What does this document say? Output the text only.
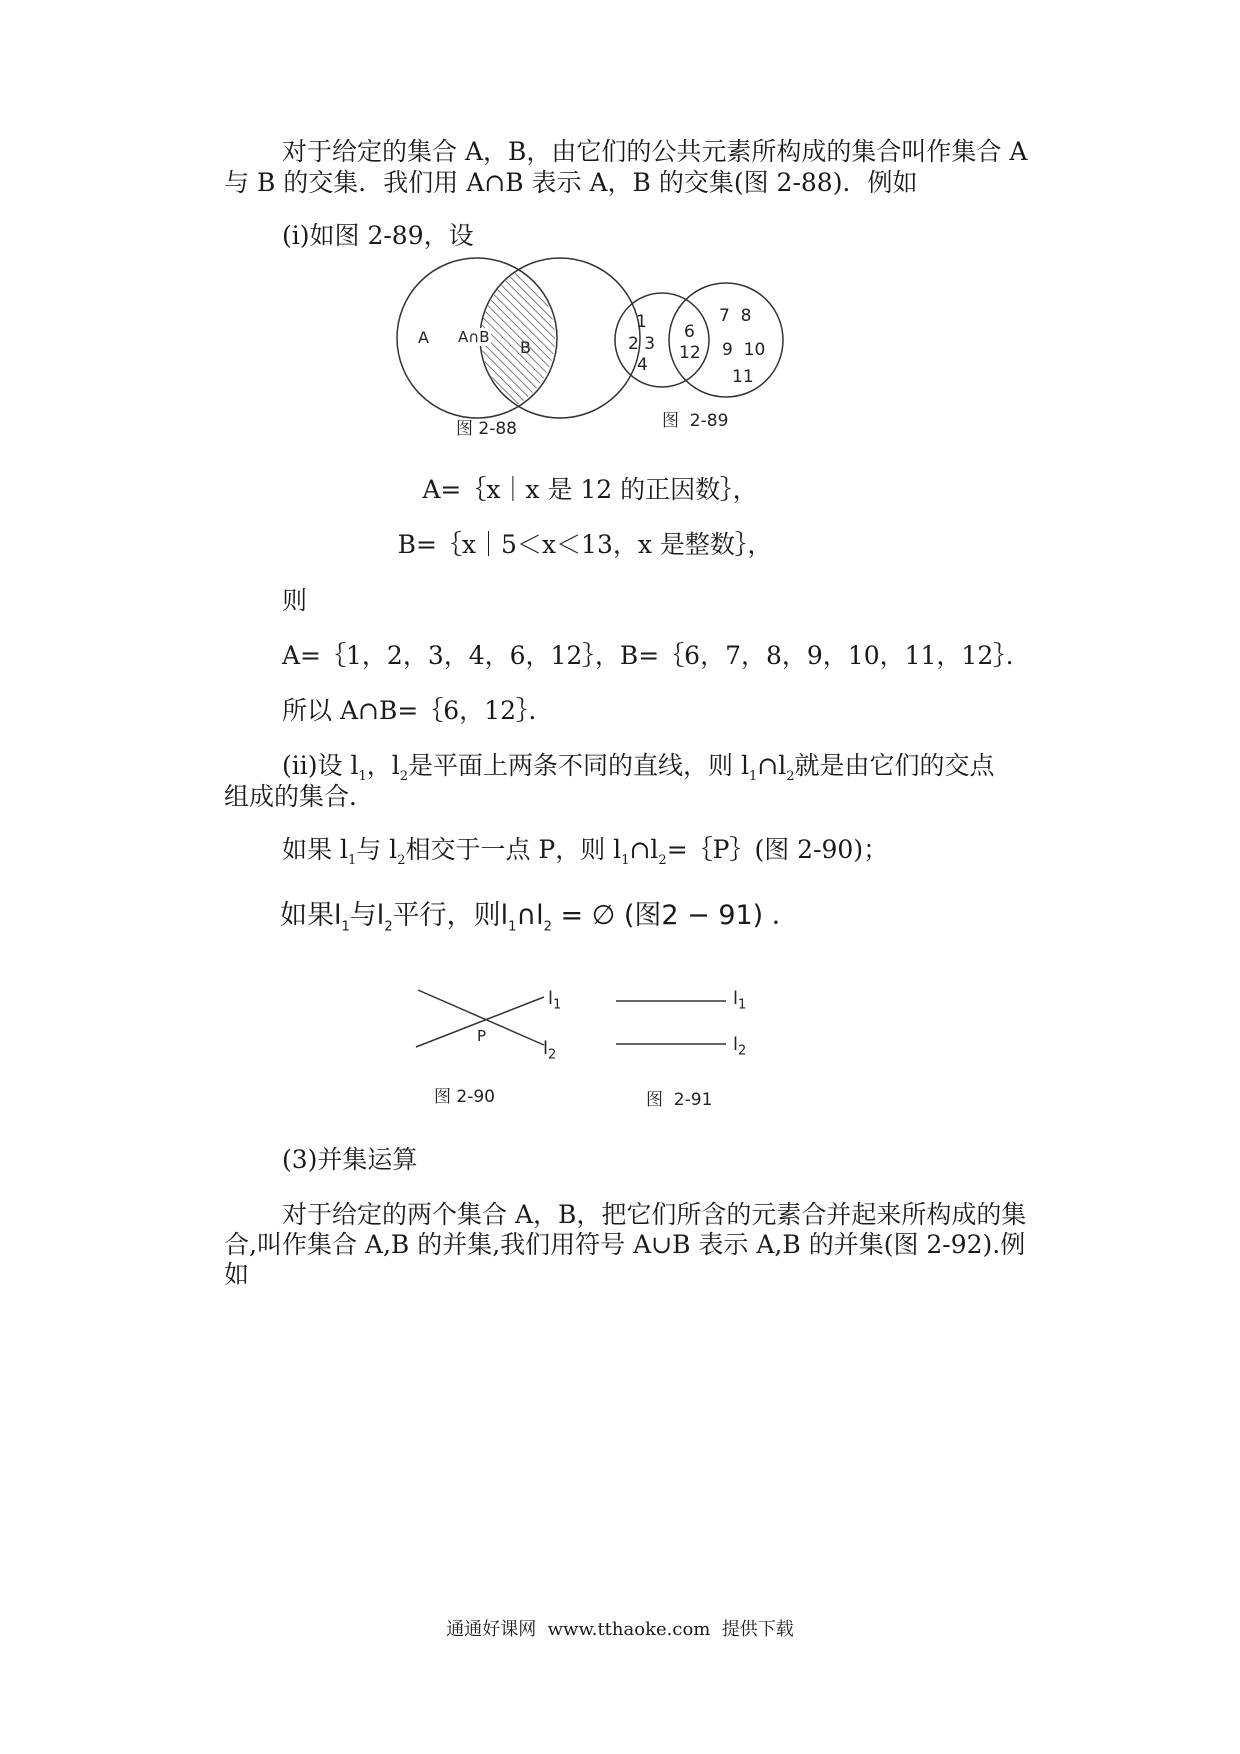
对于给定的集合 A，B，由它们的公共元素所构成的集合叫作集合 A
与 B 的交集．我们用 A∩B 表示 A，B 的交集(图 2-88)．例如
(i)如图 2-89，设
A A∩B
B
图 2-88
1
2 3
4
6
12
7  8
9  10
11
图  2-89
A=｛x｜x 是 12 的正因数｝，
B=｛x｜5＜x＜13，x 是整数｝，
则
A=｛1，2，3，4，6，12｝，B=｛6，7，8，9，10，11，12｝．
所以 A∩B=｛6，12｝．
(ii)设 $l_1$，$l_2$是平面上两条不同的直线，则 $l_1\cap l_2$就是由它们的交点
组成的集合．
如果 $l_1$与 $l_2$相交于一点 P，则 $l_1\cap l_2=\{P\}$(图 2-90)；
如果$l_1$与$l_2$平行，则$l_1\cap l_2$ = ∅ (图2 − 91) ．
$l_1$
$l_2$
P
图 2-90
$l_1$
$l_2$
图  2-91
(3)并集运算
对于给定的两个集合 A，B，把它们所含的元素合并起来所构成的集
合,叫作集合 A,B 的并集,我们用符号 A∪B 表示 A,B 的并集(图 2-92).例
如
通通好课网  www.tthaoke.com  提供下载
